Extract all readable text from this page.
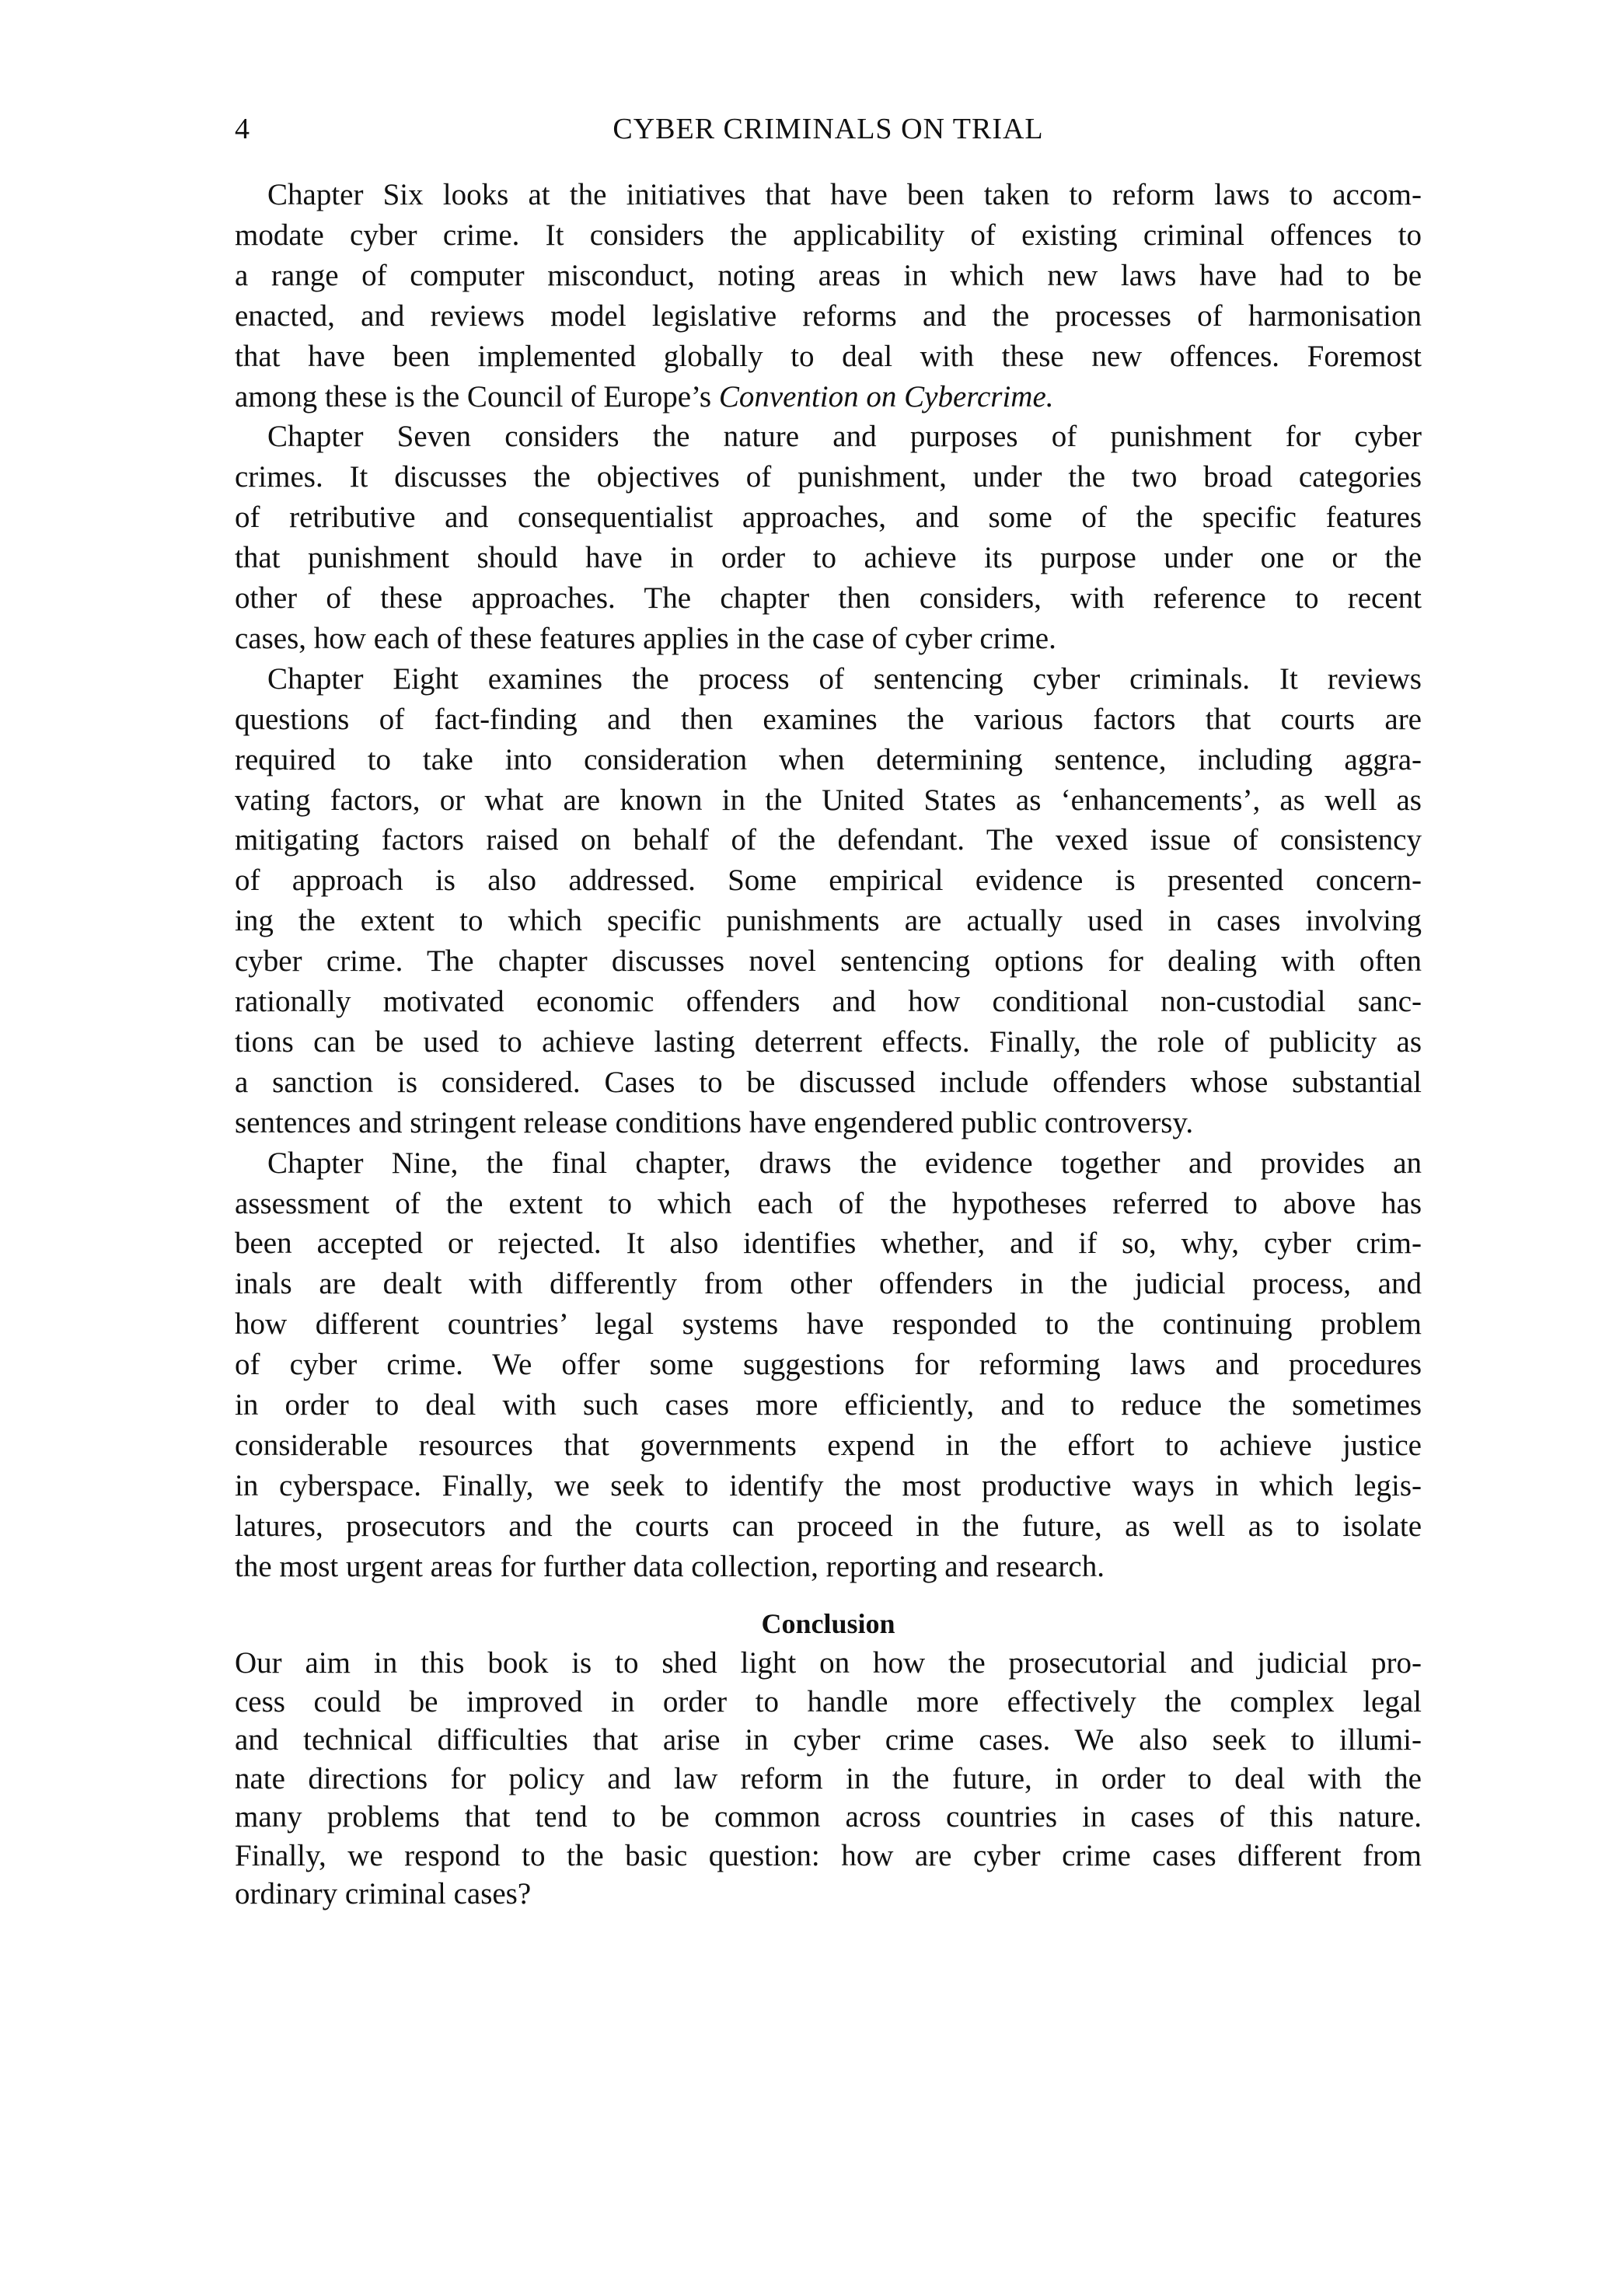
4	CYBER CRIMINALS ON TRIAL
Chapter Six looks at the initiatives that have been taken to reform laws to accom-
modate cyber crime. It considers the applicability of existing criminal offences to
a range of computer misconduct, noting areas in which new laws have had to be
enacted, and reviews model legislative reforms and the processes of harmonisation
that have been implemented globally to deal with these new offences. Foremost
among these is the Council of Europe’s Convention on Cybercrime.
Chapter Seven considers the nature and purposes of punishment for cyber
crimes. It discusses the objectives of punishment, under the two broad categories
of retributive and consequentialist approaches, and some of the specific features
that punishment should have in order to achieve its purpose under one or the
other of these approaches. The chapter then considers, with reference to recent
cases, how each of these features applies in the case of cyber crime.
Chapter Eight examines the process of sentencing cyber criminals. It reviews
questions of fact-finding and then examines the various factors that courts are
required to take into consideration when determining sentence, including aggra-
vating factors, or what are known in the United States as ‘enhancements’, as well as
mitigating factors raised on behalf of the defendant. The vexed issue of consistency
of approach is also addressed. Some empirical evidence is presented concern-
ing the extent to which specific punishments are actually used in cases involving
cyber crime. The chapter discusses novel sentencing options for dealing with often
rationally motivated economic offenders and how conditional non-custodial sanc-
tions can be used to achieve lasting deterrent effects. Finally, the role of publicity as
a sanction is considered. Cases to be discussed include offenders whose substantial
sentences and stringent release conditions have engendered public controversy.
Chapter Nine, the final chapter, draws the evidence together and provides an
assessment of the extent to which each of the hypotheses referred to above has
been accepted or rejected. It also identifies whether, and if so, why, cyber crim-
inals are dealt with differently from other offenders in the judicial process, and
how different countries’ legal systems have responded to the continuing problem
of cyber crime. We offer some suggestions for reforming laws and procedures
in order to deal with such cases more efficiently, and to reduce the sometimes
considerable resources that governments expend in the effort to achieve justice
in cyberspace. Finally, we seek to identify the most productive ways in which legis-
latures, prosecutors and the courts can proceed in the future, as well as to isolate
the most urgent areas for further data collection, reporting and research.
Conclusion
Our aim in this book is to shed light on how the prosecutorial and judicial pro-
cess could be improved in order to handle more effectively the complex legal
and technical difficulties that arise in cyber crime cases. We also seek to illumi-
nate directions for policy and law reform in the future, in order to deal with the
many problems that tend to be common across countries in cases of this nature.
Finally, we respond to the basic question: how are cyber crime cases different from
ordinary criminal cases?
